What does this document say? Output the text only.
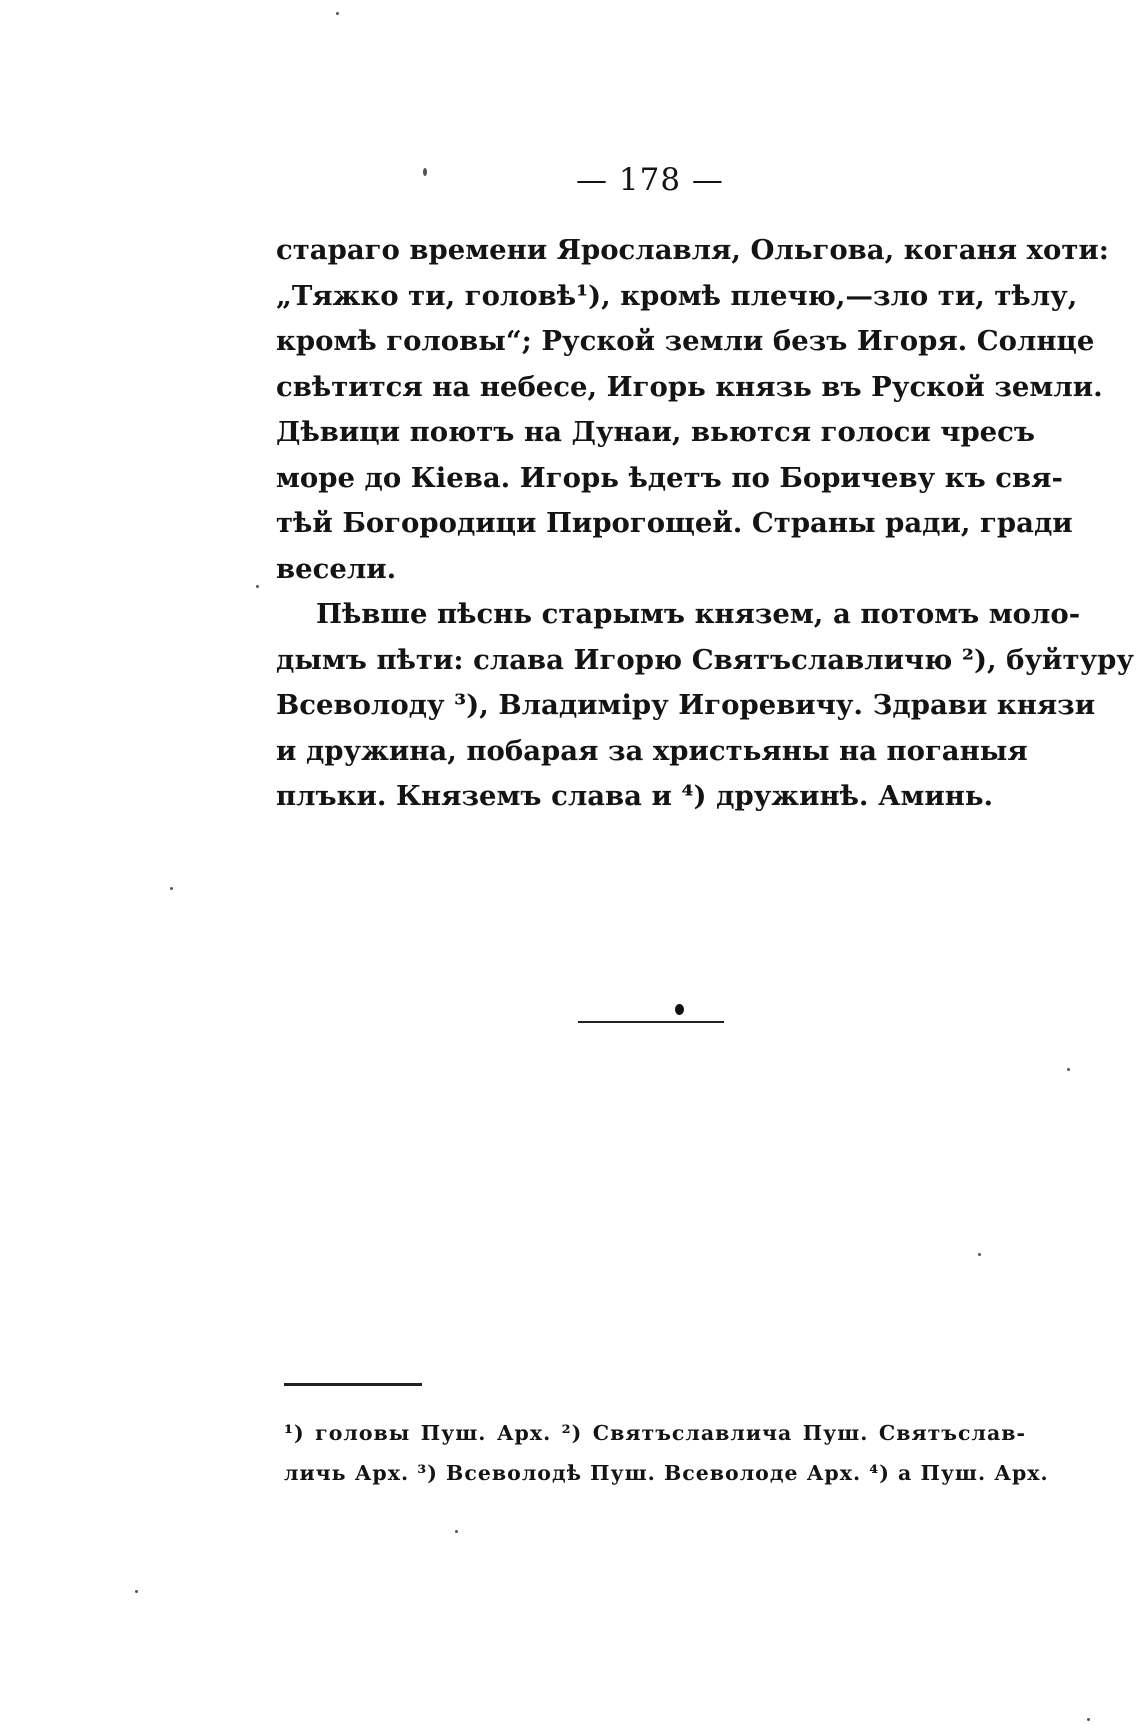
— 178 —
стараго времени Ярославля, Ольгова, коганя хоти:
„Тяжко ти, головѣ¹), кромѣ плечю,—зло ти, тѣлу,
кромѣ головы“; Руской земли безъ Игоря. Солнце
свѣтится на небесе, Игорь князь въ Руской земли.
Дѣвици поютъ на Дунаи, вьются голоси чресъ
море до Кіева. Игорь ѣдетъ по Боричеву къ свя-
тѣй Богородици Пирогощей. Страны ради, гради
весели.
Пѣвше пѣснь старымъ князем, а потомъ моло-
дымъ пѣти: слава Игорю Святъславличю ²), буйтуру
Всеволоду ³), Владиміру Игоревичу. Здрави князи
и дружина, побарая за христьяны на поганыя
плъки. Княземъ слава и ⁴) дружинѣ. Аминь.
¹) головы Пуш. Арх. ²) Святъславлича Пуш. Святъслав-
личь Арх. ³) Всеволодѣ Пуш. Всеволоде Арх. ⁴) а Пуш. Арх.
